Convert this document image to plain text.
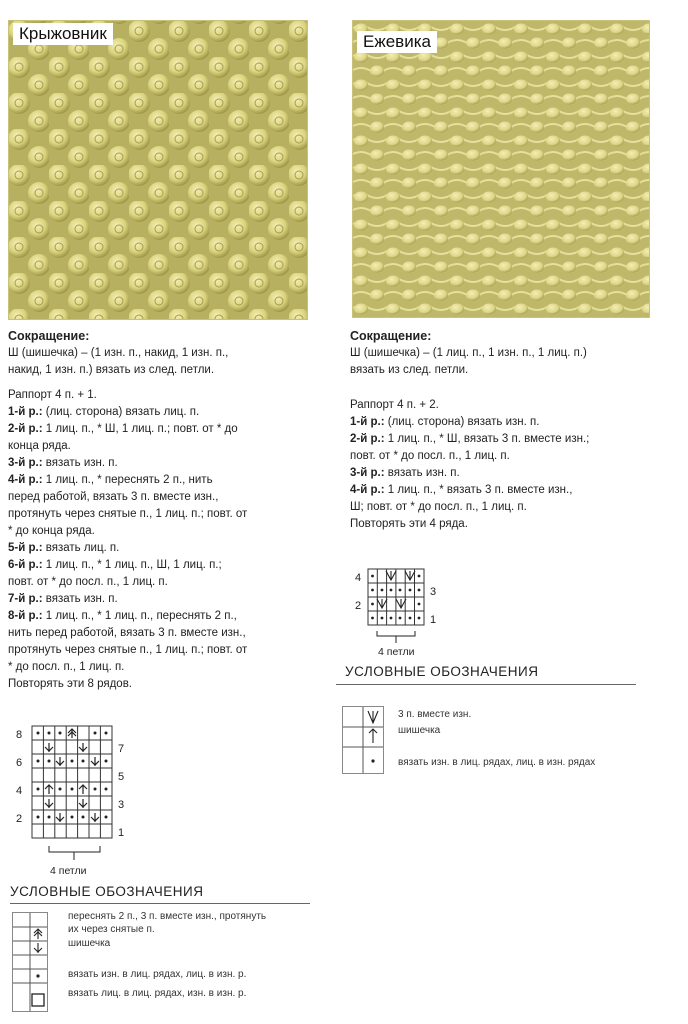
Крыжовник

Сокращение:

Ш (шишечка) – (1 изн. п., накид, 1 изн. п.,

накид, 1 изн. п.) вязать из след. петли.

Раппорт 4 п. + 1.

1-й р.: (лиц. сторона) вязать лиц. п.

2-й р.: 1 лиц. п., * Ш, 1 лиц. п.; повт. от * до

конца ряда.

3-й р.: вязать изн. п.

4-й р.: 1 лиц. п., * переснять 2 п., нить

перед работой, вязать 3 п. вместе изн.,

протянуть через снятые п., 1 лиц. п.; повт. от

* до конца ряда.

5-й р.: вязать лиц. п.

6-й р.: 1 лиц. п., * 1 лиц. п., Ш, 1 лиц. п.;

повт. от * до посл. п., 1 лиц. п.

7-й р.: вязать изн. п.

8-й р.: 1 лиц. п., * 1 лиц. п., переснять 2 п.,

нить перед работой, вязать 3 п. вместе изн.,

протянуть через снятые п., 1 лиц. п.; повт. от

* до посл. п., 1 лиц. п.

Повторять эти 8 рядов.

8
6
4
2
7
5
3
1
4 петли
УСЛОВНЫЕ ОБОЗНАЧЕНИЯ
переснять 2 п., 3 п. вместе изн., протянуть
их через снятые п.
шишечка
вязать изн. в лиц. рядах, лиц. в изн. р.
вязать лиц. в лиц. рядах, изн. в изн. р.
Ежевика

Сокращение:

Ш (шишечка) – (1 лиц. п., 1 изн. п., 1 лиц. п.)

вязать из след. петли.

Раппорт 4 п. + 2.

1-й р.: (лиц. сторона) вязать изн. п.

2-й р.: 1 лиц. п., * Ш, вязать 3 п. вместе изн.;

повт. от * до посл. п., 1 лиц. п.

3-й р.: вязать изн. п.

4-й р.: 1 лиц. п., * вязать 3 п. вместе изн.,

Ш; повт. от * до посл. п., 1 лиц. п.

Повторять эти 4 ряда.

4
2
3
1
4 петли
УСЛОВНЫЕ ОБОЗНАЧЕНИЯ
3 п. вместе изн.
шишечка
вязать изн. в лиц. рядах, лиц. в изн. рядах
